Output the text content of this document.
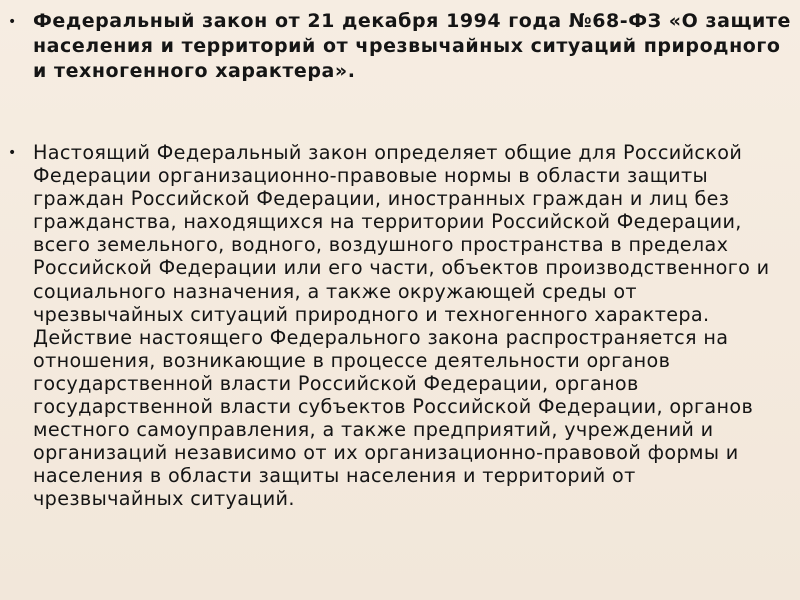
• Федеральный закон от 21 декабря 1994 года №68-ФЗ «О защите населения и территорий от чрезвычайных ситуаций природного и техногенного характера».
• Настоящий Федеральный закон определяет общие для Российской Федерации организационно-правовые нормы в области защиты граждан Российской Федерации, иностранных граждан и лиц без гражданства, находящихся на территории Российской Федерации, всего земельного, водного, воздушного пространства в пределах Российской Федерации или его части, объектов производственного и социального назначения, а также окружающей среды от чрезвычайных ситуаций природного и техногенного характера. Действие настоящего Федерального закона распространяется на отношения, возникающие в процессе деятельности органов государственной власти Российской Федерации, органов государственной власти субъектов Российской Федерации, органов местного самоуправления, а также предприятий, учреждений и организаций независимо от их организационно-правовой формы и населения в области защиты населения и территорий от чрезвычайных ситуаций.
